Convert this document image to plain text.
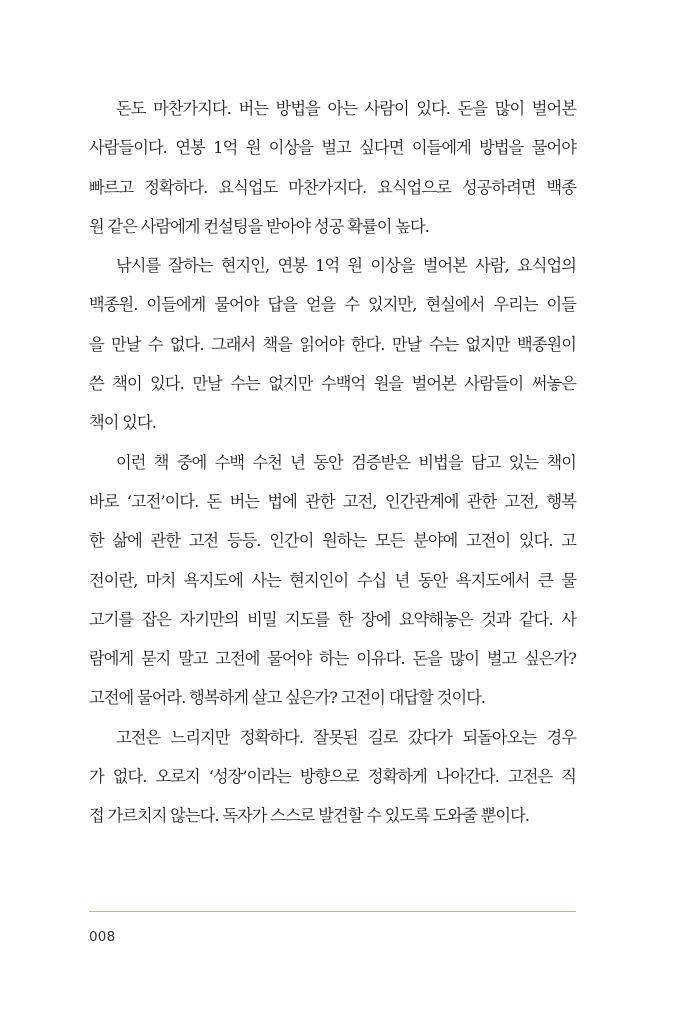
돈도 마찬가지다. 버는 방법을 아는 사람이 있다. 돈을 많이 벌어본
사람들이다. 연봉 1억 원 이상을 벌고 싶다면 이들에게 방법을 물어야
빠르고 정확하다. 요식업도 마찬가지다. 요식업으로 성공하려면 백종
원 같은 사람에게 컨설팅을 받아야 성공 확률이 높다.
낚시를 잘하는 현지인, 연봉 1억 원 이상을 벌어본 사람, 요식업의
백종원. 이들에게 물어야 답을 얻을 수 있지만, 현실에서 우리는 이들
을 만날 수 없다. 그래서 책을 읽어야 한다. 만날 수는 없지만 백종원이
쓴 책이 있다. 만날 수는 없지만 수백억 원을 벌어본 사람들이 써놓은
책이 있다.
이런 책 중에 수백 수천 년 동안 검증받은 비법을 담고 있는 책이
바로 ‘고전’이다. 돈 버는 법에 관한 고전, 인간관계에 관한 고전, 행복
한 삶에 관한 고전 등등. 인간이 원하는 모든 분야에 고전이 있다. 고
전이란, 마치 욕지도에 사는 현지인이 수십 년 동안 욕지도에서 큰 물
고기를 잡은 자기만의 비밀 지도를 한 장에 요약해놓은 것과 같다. 사
람에게 묻지 말고 고전에 물어야 하는 이유다. 돈을 많이 벌고 싶은가?
고전에 물어라. 행복하게 살고 싶은가? 고전이 대답할 것이다.
고전은 느리지만 정확하다. 잘못된 길로 갔다가 되돌아오는 경우
가 없다. 오로지 ‘성장’이라는 방향으로 정확하게 나아간다. 고전은 직
접 가르치지 않는다. 독자가 스스로 발견할 수 있도록 도와줄 뿐이다.
008
